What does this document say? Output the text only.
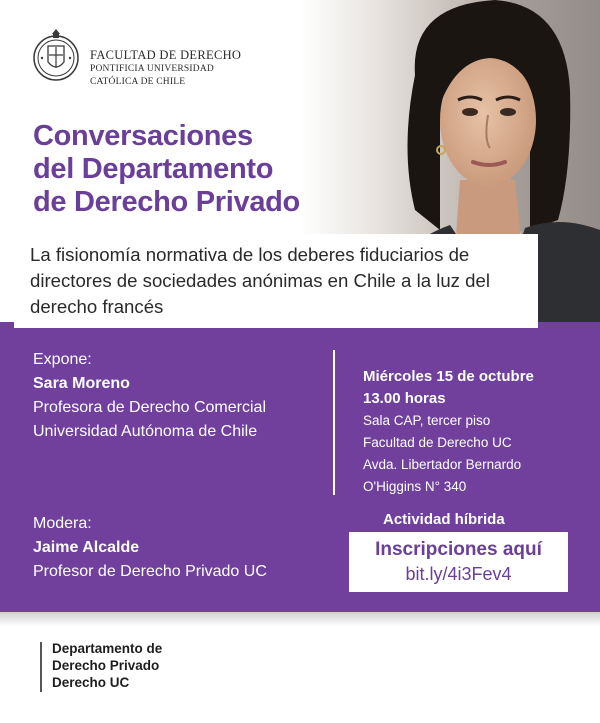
FACULTAD DE DERECHO
PONTIFICIA UNIVERSIDAD
CATÓLICA DE CHILE
Conversaciones
del Departamento
de Derecho Privado
La fisionomía normativa de los deberes fiduciarios de directores de sociedades anónimas en Chile a la luz del derecho francés
Expone:
Sara Moreno
Profesora de Derecho Comercial
Universidad Autónoma de Chile
Miércoles 15 de octubre
13.00 horas
Sala CAP, tercer piso
Facultad de Derecho UC
Avda. Libertador Bernardo
O'Higgins N° 340
Modera:
Jaime Alcalde
Profesor de Derecho Privado UC
Actividad híbrida
Inscripciones aquí
bit.ly/4i3Fev4
Departamento de
Derecho Privado
Derecho UC
